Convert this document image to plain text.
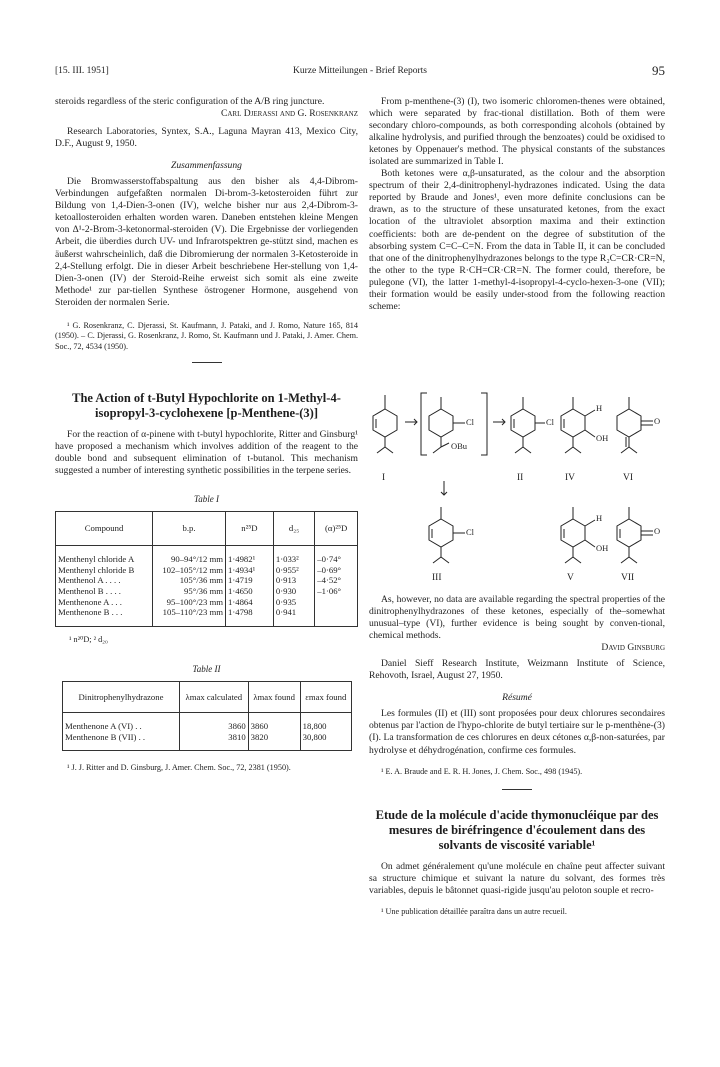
[15. III. 1951]	Kurze Mitteilungen - Brief Reports	95

steroids regardless of the steric configuration of the A/B ring juncture.

Carl Djerassi and G. Rosenkranz

Research Laboratories, Syntex, S.A., Laguna Mayran 413, Mexico City, D.F., August 9, 1950.

Zusammenfassung

Die Bromwasserstoffabspaltung aus den bisher als 4,4-Dibrom-Verbindungen aufgefaßten normalen Di-brom-3-ketosteroiden führt zur Bildung von 1,4-Dien-3-onen (IV), welche bisher nur aus 2,4-Dibrom-3-ketoallosteroiden erhalten worden waren. Daneben entstehen kleine Mengen von Δ¹-2-Brom-3-ketonormal-steroiden (V). Die Ergebnisse der vorliegenden Arbeit, die überdies durch UV- und Infrarotspektren ge-stützt sind, machen es äußerst wahrscheinlich, daß die Dibromierung der normalen 3-Ketosteroide in 2,4-Stellung erfolgt. Die in dieser Arbeit beschriebene Her-stellung von 1,4-Dien-3-onen (IV) der Steroid-Reihe erweist sich somit als eine zweite Methode¹ zur par-tiellen Synthese östrogener Hormone, ausgehend von Steroiden der normalen Serie.

¹ G. Rosenkranz, C. Djerassi, St. Kaufmann, J. Pataki, and J. Romo, Nature 165, 814 (1950). – C. Djerassi, G. Rosenkranz, J. Romo, St. Kaufmann und J. Pataki, J. Amer. Chem. Soc., 72, 4534 (1950).

The Action of t-Butyl Hypochlorite on 1-Methyl-4-isopropyl-3-cyclohexene [p-Menthene-(3)]

For the reaction of α-pinene with t-butyl hypochlorite, Ritter and Ginsburg¹ have proposed a mechanism which involves addition of the reagent to the double bond and subsequent elimination of t-butanol. This mechanism suggested a number of interesting synthetic possibilities in the terpene series.

Table I

Compound	b.p.	n²⁵D	d₂₅	(α)²⁵D
Menthenyl chloride A	90–94°/12 mm	1·4982¹	1·033²	–0·74°
Menthenyl chloride B	102–105°/12 mm	1·4934¹	0·955²	–0·69°
Menthenol A . . . .	105°/36 mm	1·4719	0·913	–4·52°
Menthenol B . . . .	95°/36 mm	1·4650	0·930	–1·06°
Menthenone A . . .	95–100°/23 mm	1·4864	0·935	
Menthenone B . . .	105–110°/23 mm	1·4798	0·941	

¹ n²⁰D; ² d₂₀

Table II

Dinitrophenylhydrazone	λmax calculated	λmax found	εmax found
Menthenone A (VI) . .	3860	3860	18,800
Menthenone B (VII) . .	3810	3820	30,800

¹ J. J. Ritter and D. Ginsburg, J. Amer. Chem. Soc., 72, 2381 (1950).

From p-menthene-(3) (I), two isomeric chloromen-thenes were obtained, which were separated by frac-tional distillation. Both of them were secondary chloro-compounds, as both corresponding alcohols (obtained by alkaline hydrolysis, and purified through the benzoates) could be oxidised to ketones by Oppenauer's method. The physical constants of the substances isolated are summarized in Table I.

Both ketones were α,β-unsaturated, as the colour and the absorption spectrum of their 2,4-dinitrophenyl-hydrazones indicated. Using the data reported by Braude and Jones¹, even more definite conclusions can be drawn, as to the structure of these unsaturated ketones, from the exact location of the ultraviolet absorption maxima and their extinction coefficients: both are de-pendent on the degree of substitution of the absorbing system C=C–C=N. From the data in Table II, it can be concluded that one of the dinitrophenylhydrazones belongs to the type R₂C=CR·CR=N, the other to the type R·CH=CR·CR=N. The former could, therefore, be pulegone (VI), the latter 1-methyl-4-isopropyl-4-cyclo-hexen-3-one (VII); their formation would be easily under-stood from the following reaction scheme:

I	II	IV	VI
III	V	VII
Cl
OBu
Cl
H
OH
O
Cl
H
OH
O

As, however, no data are available regarding the spectral properties of the dinitrophenylhydrazones of these ketones, especially of the–somewhat unusual–type (VI), further evidence is being sought by conven-tional, chemical methods.

David Ginsburg

Daniel Sieff Research Institute, Weizmann Institute of Science, Rehovoth, Israel, August 27, 1950.

Résumé

Les formules (II) et (III) sont proposées pour deux chlorures secondaires obtenus par l'action de l'hypo-chlorite de butyl tertiaire sur le p-menthène-(3) (I). La transformation de ces chlorures en deux cétones α,β-non-saturées, par hydrolyse et déhydrogénation, confirme ces formules.

¹ E. A. Braude and E. R. H. Jones, J. Chem. Soc., 498 (1945).

Etude de la molécule d'acide thymonucléique par des mesures de biréfringence d'écoulement dans des solvants de viscosité variable¹

On admet généralement qu'une molécule en chaîne peut affecter suivant sa structure chimique et suivant la nature du solvant, des formes très variables, depuis le bâtonnet quasi-rigide jusqu'au peloton souple et recro-

¹ Une publication détaillée paraîtra dans un autre recueil.
